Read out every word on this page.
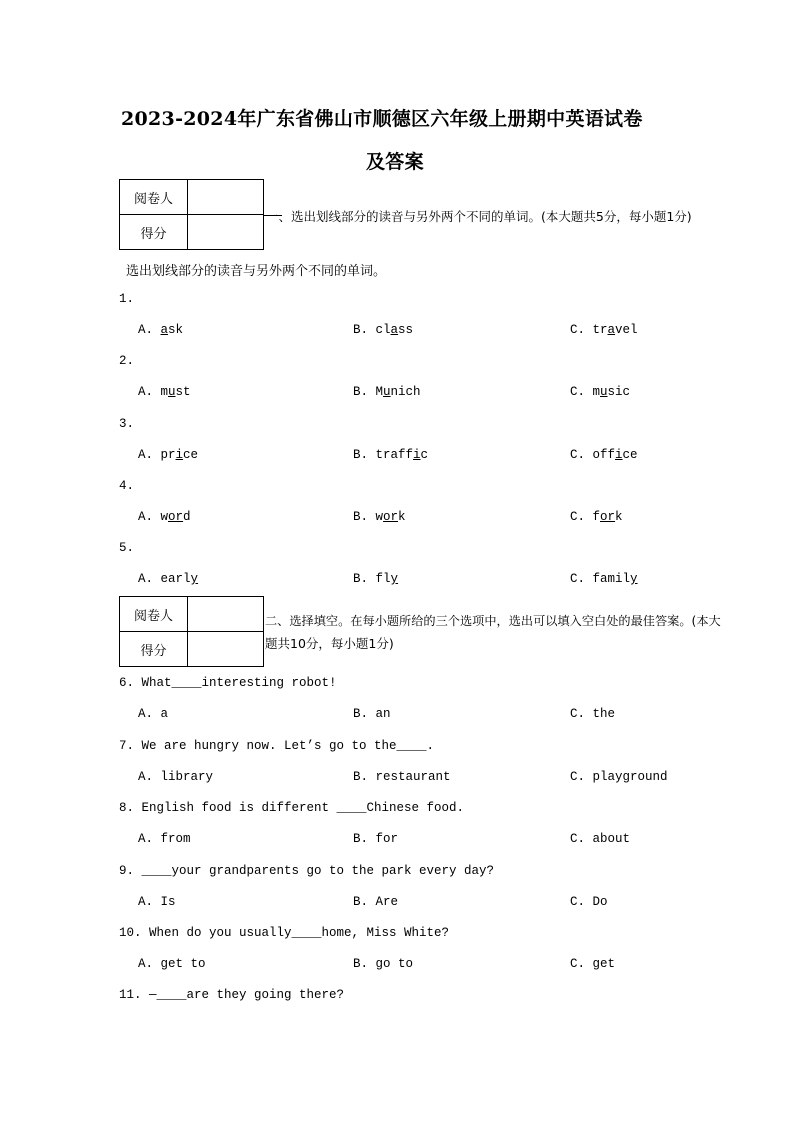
2023-2024年广东省佛山市顺德区六年级上册期中英语试卷
及答案
阅卷人	
得分	
一、选出划线部分的读音与另外两个不同的单词。(本大题共5分，每小题1分)
选出划线部分的读音与另外两个不同的单词。
1.
A. ask	B. class	C. travel
2.
A. must	B. Munich	C. music
3.
A. price	B. traffic	C. office
4.
A. word	B. work	C. fork
5.
A. early	B. fly	C. family
阅卷人	
得分	
二、选择填空。在每小题所给的三个选项中，选出可以填入空白处的最佳答案。(本大
题共10分，每小题1分)
6. What____interesting robot!
A. a	B. an	C. the
7. We are hungry now. Let’s go to the____.
A. library	B. restaurant	C. playground
8. English food is different ____Chinese food.
A. from	B. for	C. about
9. ____your grandparents go to the park every day?
A. Is	B. Are	C. Do
10. When do you usually____home, Miss White?
A. get to	B. go to	C. get
11. —____are they going there?
